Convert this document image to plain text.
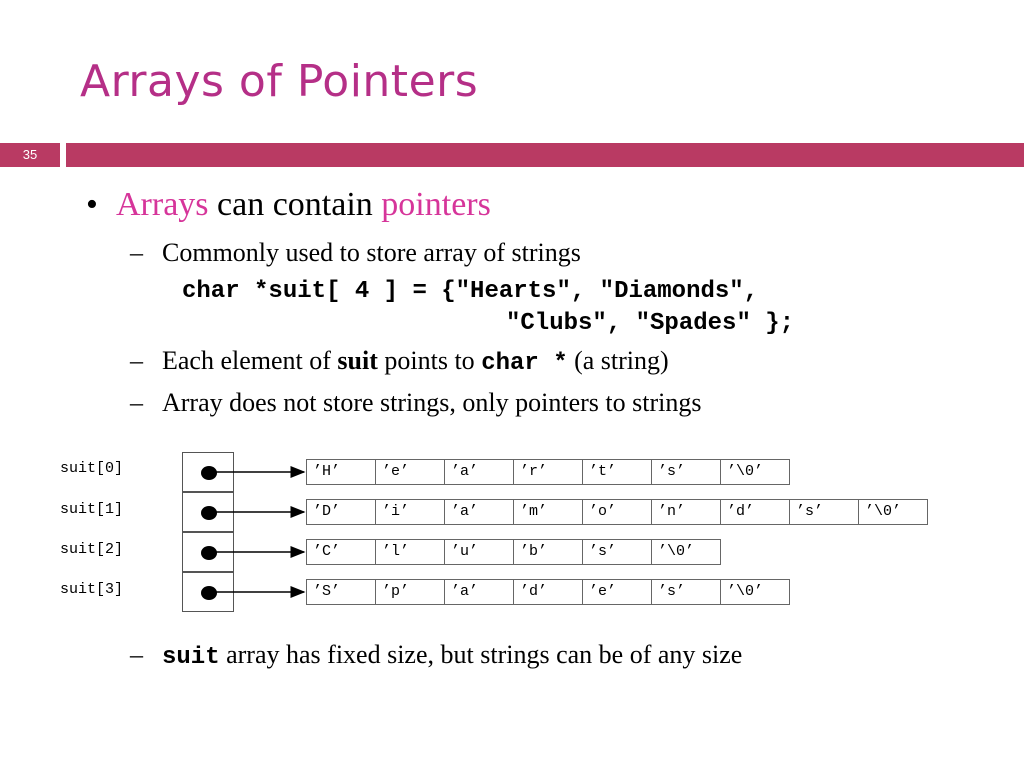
Arrays of Pointers
35
• Arrays can contain pointers
– Commonly used to store array of strings
char *suit[ 4 ] = {"Hearts", "Diamonds",
"Clubs", "Spades" };
– Each element of suit points to char * (a string)
– Array does not store strings, only pointers to strings
suit[0]
suit[1]
suit[2]
suit[3]
’H’	’e’	’a’	’r’	’t’	’s’	’\0’
’D’	’i’	’a’	’m’	’o’	’n’	’d’	’s’	’\0’
’C’	’l’	’u’	’b’	’s’	’\0’
’S’	’p’	’a’	’d’	’e’	’s’	’\0’
– suit array has fixed size, but strings can be of any size
